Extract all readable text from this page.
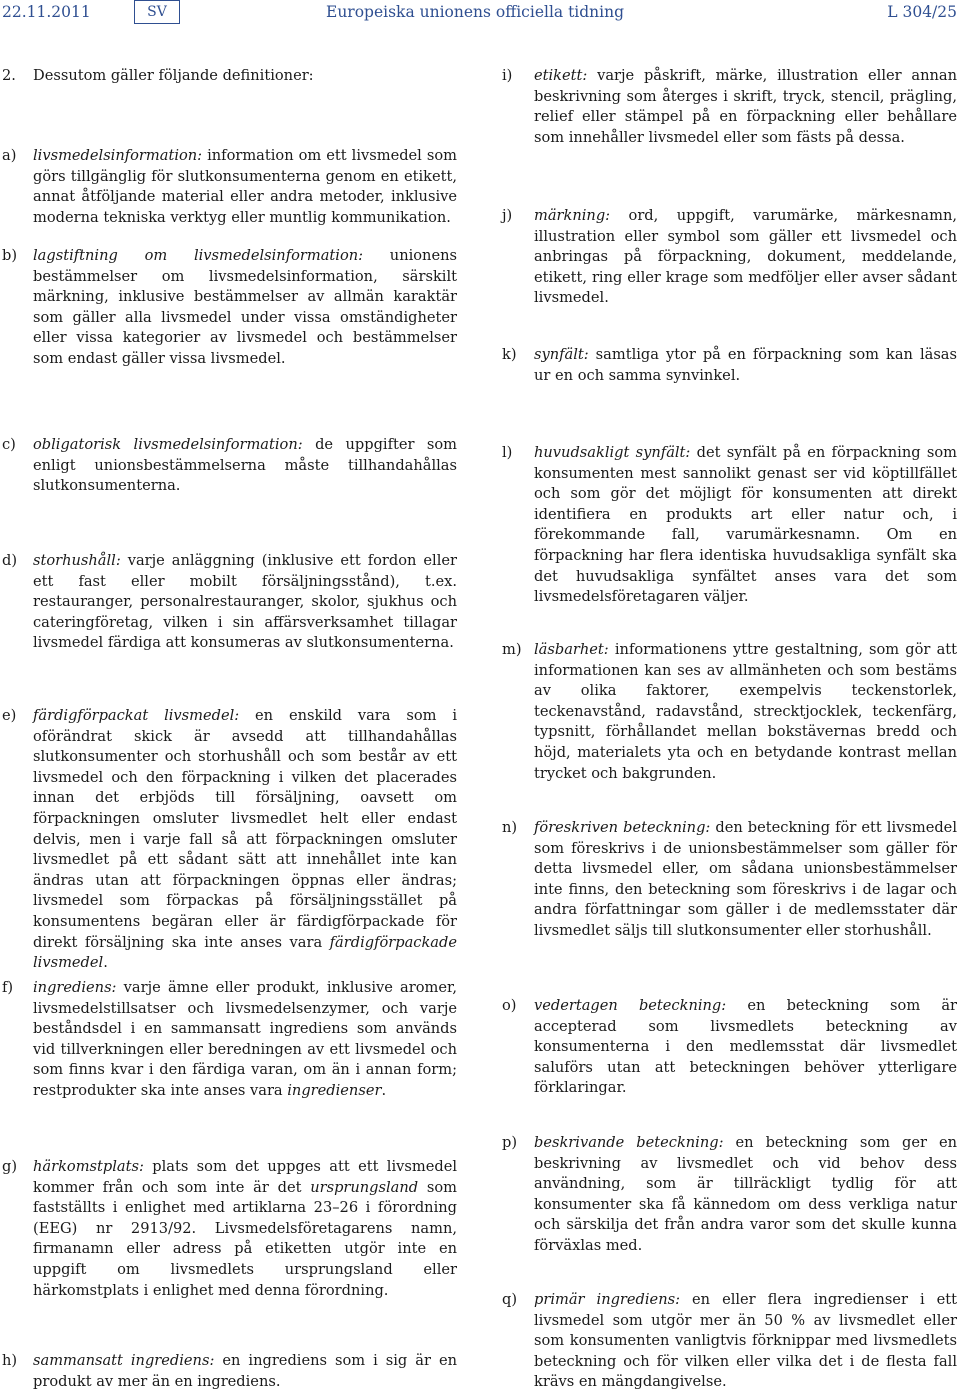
22.11.2011	SV	Europeiska unionens officiella tidning	L 304/25
2. Dessutom gäller följande definitioner:
a) livsmedelsinformation: information om ett livsmedel som görs tillgänglig för slutkonsumenterna genom en etikett, annat åtföljande material eller andra metoder, inklusive moderna tekniska verktyg eller muntlig kommunikation.
b) lagstiftning om livsmedelsinformation: unionens bestämmelser om livsmedelsinformation, särskilt märkning, inklusive bestämmelser av allmän karaktär som gäller alla livsmedel under vissa omständigheter eller vissa kategorier av livsmedel och bestämmelser som endast gäller vissa livsmedel.
c) obligatorisk livsmedelsinformation: de uppgifter som enligt unionsbestämmelserna måste tillhandahållas slutkonsumenterna.
d) storhushåll: varje anläggning (inklusive ett fordon eller ett fast eller mobilt försäljningsstånd), t.ex. restauranger, personalrestauranger, skolor, sjukhus och cateringföretag, vilken i sin affärsverksamhet tillagar livsmedel färdiga att konsumeras av slutkonsumenterna.
e) färdigförpackat livsmedel: en enskild vara som i oförändrat skick är avsedd att tillhandahållas slutkonsumenter och storhushåll och som består av ett livsmedel och den förpackning i vilken det placerades innan det erbjöds till försäljning, oavsett om förpackningen omsluter livsmedlet helt eller endast delvis, men i varje fall så att förpackningen omsluter livsmedlet på ett sådant sätt att innehållet inte kan ändras utan att förpackningen öppnas eller ändras; livsmedel som förpackas på försäljningsstället på konsumentens begäran eller är färdigförpackade för direkt försäljning ska inte anses vara färdigförpackade livsmedel.
f) ingrediens: varje ämne eller produkt, inklusive aromer, livsmedelstillsatser och livsmedelsenzymer, och varje beståndsdel i en sammansatt ingrediens som används vid tillverkningen eller beredningen av ett livsmedel och som finns kvar i den färdiga varan, om än i annan form; restprodukter ska inte anses vara ingredienser.
g) härkomstplats: plats som det uppges att ett livsmedel kommer från och som inte är det ursprungsland som fastställts i enlighet med artiklarna 23–26 i förordning (EEG) nr 2913/92. Livsmedelsföretagarens namn, firmanamn eller adress på etiketten utgör inte en uppgift om livsmedlets ursprungsland eller härkomstplats i enlighet med denna förordning.
h) sammansatt ingrediens: en ingrediens som i sig är en produkt av mer än en ingrediens.
i) etikett: varje påskrift, märke, illustration eller annan beskrivning som återges i skrift, tryck, stencil, prägling, relief eller stämpel på en förpackning eller behållare som innehåller livsmedel eller som fästs på dessa.
j) märkning: ord, uppgift, varumärke, märkesnamn, illustration eller symbol som gäller ett livsmedel och anbringas på förpackning, dokument, meddelande, etikett, ring eller krage som medföljer eller avser sådant livsmedel.
k) synfält: samtliga ytor på en förpackning som kan läsas ur en och samma synvinkel.
l) huvudsakligt synfält: det synfält på en förpackning som konsumenten mest sannolikt genast ser vid köptillfället och som gör det möjligt för konsumenten att direkt identifiera en produkts art eller natur och, i förekommande fall, varumärkesnamn. Om en förpackning har flera identiska huvudsakliga synfält ska det huvudsakliga synfältet anses vara det som livsmedelsföretagaren väljer.
m) läsbarhet: informationens yttre gestaltning, som gör att informationen kan ses av allmänheten och som bestäms av olika faktorer, exempelvis teckenstorlek, teckenavstånd, radavstånd, strecktjocklek, teckenfärg, typsnitt, förhållandet mellan bokstävernas bredd och höjd, materialets yta och en betydande kontrast mellan trycket och bakgrunden.
n) föreskriven beteckning: den beteckning för ett livsmedel som föreskrivs i de unionsbestämmelser som gäller för detta livsmedel eller, om sådana unionsbestämmelser inte finns, den beteckning som föreskrivs i de lagar och andra författningar som gäller i de medlemsstater där livsmedlet säljs till slutkonsumenter eller storhushåll.
o) vedertagen beteckning: en beteckning som är accepterad som livsmedlets beteckning av konsumenterna i den medlemsstat där livsmedlet saluförs utan att beteckningen behöver ytterligare förklaringar.
p) beskrivande beteckning: en beteckning som ger en beskrivning av livsmedlet och vid behov dess användning, som är tillräckligt tydlig för att konsumenter ska få kännedom om dess verkliga natur och särskilja det från andra varor som det skulle kunna förväxlas med.
q) primär ingrediens: en eller flera ingredienser i ett livsmedel som utgör mer än 50 % av livsmedlet eller som konsumenten vanligtvis förknippar med livsmedlets beteckning och för vilken eller vilka det i de flesta fall krävs en mängdangivelse.
